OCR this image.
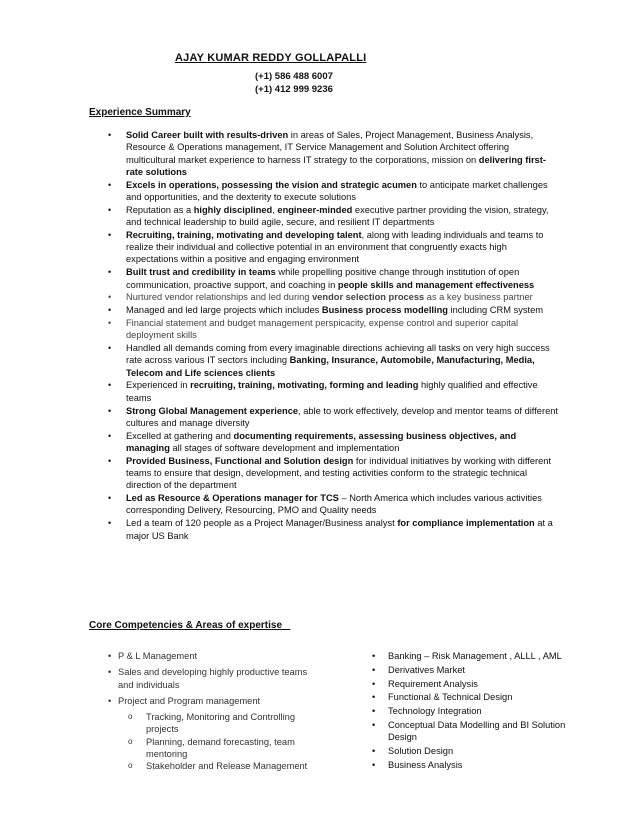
AJAY KUMAR REDDY GOLLAPALLI
(+1) 586 488 6007
(+1) 412 999 9236
Experience Summary
• Solid Career built with results-driven in areas of Sales, Project Management, Business Analysis, Resource & Operations management, IT Service Management and Solution Architect offering multicultural market experience to harness IT strategy to the corporations, mission on delivering first-rate solutions
• Excels in operations, possessing the vision and strategic acumen to anticipate market challenges and opportunities, and the dexterity to execute solutions
• Reputation as a highly disciplined, engineer-minded executive partner providing the vision, strategy, and technical leadership to build agile, secure, and resilient IT departments
• Recruiting, training, motivating and developing talent, along with leading individuals and teams to realize their individual and collective potential in an environment that congruently exacts high expectations within a positive and engaging environment
• Built trust and credibility in teams while propelling positive change through institution of open communication, proactive support, and coaching in people skills and management effectiveness
• Nurtured vendor relationships and led during vendor selection process as a key business partner
• Managed and led large projects which includes Business process modelling including CRM system
• Financial statement and budget management perspicacity, expense control and superior capital deployment skills
• Handled all demands coming from every imaginable directions achieving all tasks on very high success rate across various IT sectors including Banking, Insurance, Automobile, Manufacturing, Media, Telecom and Life sciences clients
• Experienced in recruiting, training, motivating, forming and leading highly qualified and effective teams
• Strong Global Management experience, able to work effectively, develop and mentor teams of different cultures and manage diversity
• Excelled at gathering and documenting requirements, assessing business objectives, and managing all stages of software development and implementation
• Provided Business, Functional and Solution design for individual initiatives by working with different teams to ensure that design, development, and testing activities conform to the strategic technical direction of the department
• Led as Resource & Operations manager for TCS – North America which includes various activities corresponding Delivery, Resourcing, PMO and Quality needs
• Led a team of 120 people as a Project Manager/Business analyst for compliance implementation at a major US Bank
Core Competencies & Areas of expertise
• P & L Management
• Sales and developing highly productive teams and individuals
• Project and Program management
o Tracking, Monitoring and Controlling projects
o Planning, demand forecasting, team mentoring
o Stakeholder and Release Management
• Banking – Risk Management , ALLL , AML
• Derivatives Market
• Requirement Analysis
• Functional & Technical Design
• Technology Integration
• Conceptual Data Modelling and BI Solution Design
• Solution Design
• Business Analysis
